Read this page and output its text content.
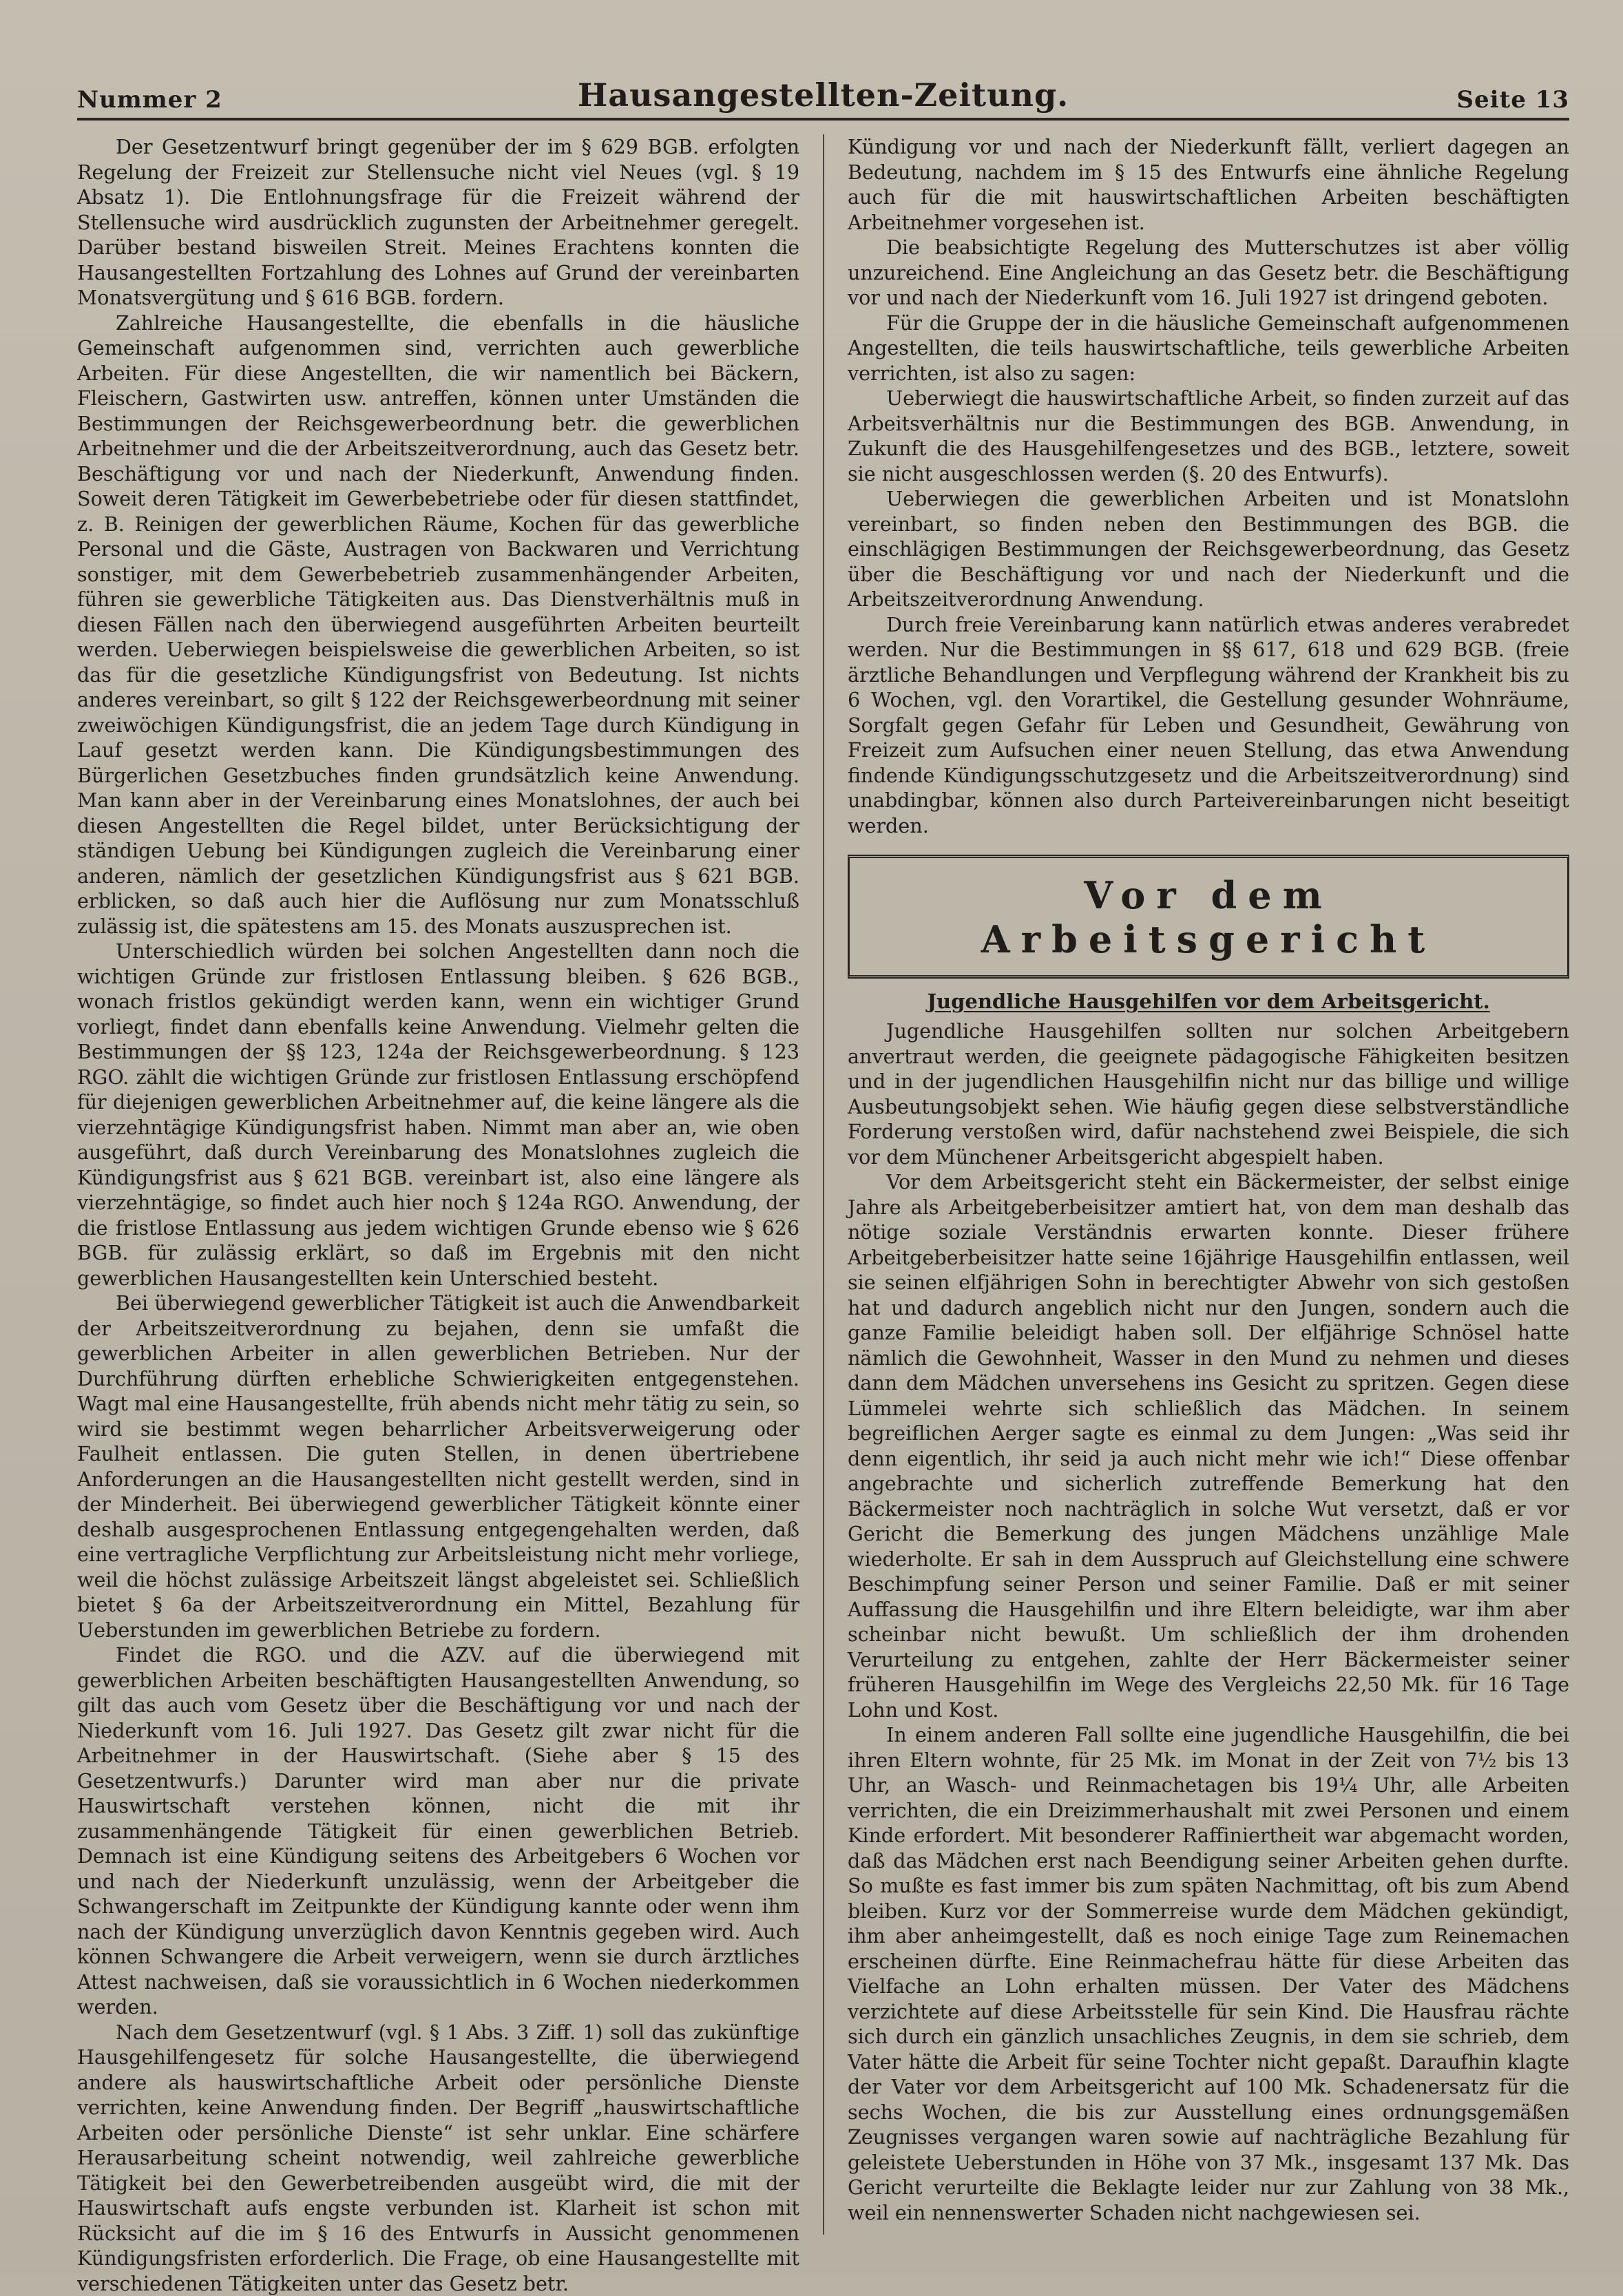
Nummer 2	Hausangestellten-Zeitung.	Seite 13

Der Gesetzentwurf bringt gegenüber der im § 629 BGB. erfolgten Regelung der Freizeit zur Stellensuche nicht viel Neues (vgl. § 19 Absatz 1). Die Entlohnungsfrage für die Freizeit während der Stellensuche wird ausdrücklich zugunsten der Arbeitnehmer geregelt. Darüber bestand bisweilen Streit. Meines Erachtens konnten die Hausangestellten Fortzahlung des Lohnes auf Grund der vereinbarten Monatsvergütung und § 616 BGB. fordern.

Zahlreiche Hausangestellte, die ebenfalls in die häusliche Gemeinschaft aufgenommen sind, verrichten auch gewerbliche Arbeiten. Für diese Angestellten, die wir namentlich bei Bäckern, Fleischern, Gastwirten usw. antreffen, können unter Umständen die Bestimmungen der Reichsgewerbeordnung betr. die gewerblichen Arbeitnehmer und die der Arbeitszeitverordnung, auch das Gesetz betr. Beschäftigung vor und nach der Niederkunft, Anwendung finden. Soweit deren Tätigkeit im Gewerbebetriebe oder für diesen stattfindet, z. B. Reinigen der gewerblichen Räume, Kochen für das gewerbliche Personal und die Gäste, Austragen von Backwaren und Verrichtung sonstiger, mit dem Gewerbebetrieb zusammenhängender Arbeiten, führen sie gewerbliche Tätigkeiten aus. Das Dienstverhältnis muß in diesen Fällen nach den überwiegend ausgeführten Arbeiten beurteilt werden. Ueberwiegen beispielsweise die gewerblichen Arbeiten, so ist das für die gesetzliche Kündigungsfrist von Bedeutung. Ist nichts anderes vereinbart, so gilt § 122 der Reichsgewerbeordnung mit seiner zweiwöchigen Kündigungsfrist, die an jedem Tage durch Kündigung in Lauf gesetzt werden kann. Die Kündigungsbestimmungen des Bürgerlichen Gesetzbuches finden grundsätzlich keine Anwendung. Man kann aber in der Vereinbarung eines Monatslohnes, der auch bei diesen Angestellten die Regel bildet, unter Berücksichtigung der ständigen Uebung bei Kündigungen zugleich die Vereinbarung einer anderen, nämlich der gesetzlichen Kündigungsfrist aus § 621 BGB. erblicken, so daß auch hier die Auflösung nur zum Monatsschluß zulässig ist, die spätestens am 15. des Monats auszusprechen ist.

Unterschiedlich würden bei solchen Angestellten dann noch die wichtigen Gründe zur fristlosen Entlassung bleiben. § 626 BGB., wonach fristlos gekündigt werden kann, wenn ein wichtiger Grund vorliegt, findet dann ebenfalls keine Anwendung. Vielmehr gelten die Bestimmungen der §§ 123, 124a der Reichsgewerbeordnung. § 123 RGO. zählt die wichtigen Gründe zur fristlosen Entlassung erschöpfend für diejenigen gewerblichen Arbeitnehmer auf, die keine längere als die vierzehntägige Kündigungsfrist haben. Nimmt man aber an, wie oben ausgeführt, daß durch Vereinbarung des Monatslohnes zugleich die Kündigungsfrist aus § 621 BGB. vereinbart ist, also eine längere als vierzehntägige, so findet auch hier noch § 124a RGO. Anwendung, der die fristlose Entlassung aus jedem wichtigen Grunde ebenso wie § 626 BGB. für zulässig erklärt, so daß im Ergebnis mit den nicht gewerblichen Hausangestellten kein Unterschied besteht.

Bei überwiegend gewerblicher Tätigkeit ist auch die Anwendbarkeit der Arbeitszeitverordnung zu bejahen, denn sie umfaßt die gewerblichen Arbeiter in allen gewerblichen Betrieben. Nur der Durchführung dürften erhebliche Schwierigkeiten entgegenstehen. Wagt mal eine Hausangestellte, früh abends nicht mehr tätig zu sein, so wird sie bestimmt wegen beharrlicher Arbeitsverweigerung oder Faulheit entlassen. Die guten Stellen, in denen übertriebene Anforderungen an die Hausangestellten nicht gestellt werden, sind in der Minderheit. Bei überwiegend gewerblicher Tätigkeit könnte einer deshalb ausgesprochenen Entlassung entgegengehalten werden, daß eine vertragliche Verpflichtung zur Arbeitsleistung nicht mehr vorliege, weil die höchst zulässige Arbeitszeit längst abgeleistet sei. Schließlich bietet § 6a der Arbeitszeitverordnung ein Mittel, Bezahlung für Ueberstunden im gewerblichen Betriebe zu fordern.

Findet die RGO. und die AZV. auf die überwiegend mit gewerblichen Arbeiten beschäftigten Hausangestellten Anwendung, so gilt das auch vom Gesetz über die Beschäftigung vor und nach der Niederkunft vom 16. Juli 1927. Das Gesetz gilt zwar nicht für die Arbeitnehmer in der Hauswirtschaft. (Siehe aber § 15 des Gesetzentwurfs.) Darunter wird man aber nur die private Hauswirtschaft verstehen können, nicht die mit ihr zusammenhängende Tätigkeit für einen gewerblichen Betrieb. Demnach ist eine Kündigung seitens des Arbeitgebers 6 Wochen vor und nach der Niederkunft unzulässig, wenn der Arbeitgeber die Schwangerschaft im Zeitpunkte der Kündigung kannte oder wenn ihm nach der Kündigung unverzüglich davon Kenntnis gegeben wird. Auch können Schwangere die Arbeit verweigern, wenn sie durch ärztliches Attest nachweisen, daß sie voraussichtlich in 6 Wochen niederkommen werden.

Nach dem Gesetzentwurf (vgl. § 1 Abs. 3 Ziff. 1) soll das zukünftige Hausgehilfengesetz für solche Hausangestellte, die überwiegend andere als hauswirtschaftliche Arbeit oder persönliche Dienste verrichten, keine Anwendung finden. Der Begriff „hauswirtschaftliche Arbeiten oder persönliche Dienste“ ist sehr unklar. Eine schärfere Herausarbeitung scheint notwendig, weil zahlreiche gewerbliche Tätigkeit bei den Gewerbetreibenden ausgeübt wird, die mit der Hauswirtschaft aufs engste verbunden ist. Klarheit ist schon mit Rücksicht auf die im § 16 des Entwurfs in Aussicht genommenen Kündigungsfristen erforderlich. Die Frage, ob eine Hausangestellte mit verschiedenen Tätigkeiten unter das Gesetz betr.

Kündigung vor und nach der Niederkunft fällt, verliert dagegen an Bedeutung, nachdem im § 15 des Entwurfs eine ähnliche Regelung auch für die mit hauswirtschaftlichen Arbeiten beschäftigten Arbeitnehmer vorgesehen ist.

Die beabsichtigte Regelung des Mutterschutzes ist aber völlig unzureichend. Eine Angleichung an das Gesetz betr. die Beschäftigung vor und nach der Niederkunft vom 16. Juli 1927 ist dringend geboten.

Für die Gruppe der in die häusliche Gemeinschaft aufgenommenen Angestellten, die teils hauswirtschaftliche, teils gewerbliche Arbeiten verrichten, ist also zu sagen:

Ueberwiegt die hauswirtschaftliche Arbeit, so finden zurzeit auf das Arbeitsverhältnis nur die Bestimmungen des BGB. Anwendung, in Zukunft die des Hausgehilfengesetzes und des BGB., letztere, soweit sie nicht ausgeschlossen werden (§. 20 des Entwurfs).

Ueberwiegen die gewerblichen Arbeiten und ist Monatslohn vereinbart, so finden neben den Bestimmungen des BGB. die einschlägigen Bestimmungen der Reichsgewerbeordnung, das Gesetz über die Beschäftigung vor und nach der Niederkunft und die Arbeitszeitverordnung Anwendung.

Durch freie Vereinbarung kann natürlich etwas anderes verabredet werden. Nur die Bestimmungen in §§ 617, 618 und 629 BGB. (freie ärztliche Behandlungen und Verpflegung während der Krankheit bis zu 6 Wochen, vgl. den Vorartikel, die Gestellung gesunder Wohnräume, Sorgfalt gegen Gefahr für Leben und Gesundheit, Gewährung von Freizeit zum Aufsuchen einer neuen Stellung, das etwa Anwendung findende Kündigungsschutzgesetz und die Arbeitszeitverordnung) sind unabdingbar, können also durch Parteivereinbarungen nicht beseitigt werden.

Vor dem Arbeitsgericht
Jugendliche Hausgehilfen vor dem Arbeitsgericht.

Jugendliche Hausgehilfen sollten nur solchen Arbeitgebern anvertraut werden, die geeignete pädagogische Fähigkeiten besitzen und in der jugendlichen Hausgehilfin nicht nur das billige und willige Ausbeutungsobjekt sehen. Wie häufig gegen diese selbstverständliche Forderung verstoßen wird, dafür nachstehend zwei Beispiele, die sich vor dem Münchener Arbeitsgericht abgespielt haben.

Vor dem Arbeitsgericht steht ein Bäckermeister, der selbst einige Jahre als Arbeitgeberbeisitzer amtiert hat, von dem man deshalb das nötige soziale Verständnis erwarten konnte. Dieser frühere Arbeitgeberbeisitzer hatte seine 16jährige Hausgehilfin entlassen, weil sie seinen elfjährigen Sohn in berechtigter Abwehr von sich gestoßen hat und dadurch angeblich nicht nur den Jungen, sondern auch die ganze Familie beleidigt haben soll. Der elfjährige Schnösel hatte nämlich die Gewohnheit, Wasser in den Mund zu nehmen und dieses dann dem Mädchen unversehens ins Gesicht zu spritzen. Gegen diese Lümmelei wehrte sich schließlich das Mädchen. In seinem begreiflichen Aerger sagte es einmal zu dem Jungen: „Was seid ihr denn eigentlich, ihr seid ja auch nicht mehr wie ich!“ Diese offenbar angebrachte und sicherlich zutreffende Bemerkung hat den Bäckermeister noch nachträglich in solche Wut versetzt, daß er vor Gericht die Bemerkung des jungen Mädchens unzählige Male wiederholte. Er sah in dem Ausspruch auf Gleichstellung eine schwere Beschimpfung seiner Person und seiner Familie. Daß er mit seiner Auffassung die Hausgehilfin und ihre Eltern beleidigte, war ihm aber scheinbar nicht bewußt. Um schließlich der ihm drohenden Verurteilung zu entgehen, zahlte der Herr Bäckermeister seiner früheren Hausgehilfin im Wege des Vergleichs 22,50 Mk. für 16 Tage Lohn und Kost.

In einem anderen Fall sollte eine jugendliche Hausgehilfin, die bei ihren Eltern wohnte, für 25 Mk. im Monat in der Zeit von 7½ bis 13 Uhr, an Wasch- und Reinmachetagen bis 19¼ Uhr, alle Arbeiten verrichten, die ein Dreizimmerhaushalt mit zwei Personen und einem Kinde erfordert. Mit besonderer Raffiniertheit war abgemacht worden, daß das Mädchen erst nach Beendigung seiner Arbeiten gehen durfte. So mußte es fast immer bis zum späten Nachmittag, oft bis zum Abend bleiben. Kurz vor der Sommerreise wurde dem Mädchen gekündigt, ihm aber anheimgestellt, daß es noch einige Tage zum Reinemachen erscheinen dürfte. Eine Reinmachefrau hätte für diese Arbeiten das Vielfache an Lohn erhalten müssen. Der Vater des Mädchens verzichtete auf diese Arbeitsstelle für sein Kind. Die Hausfrau rächte sich durch ein gänzlich unsachliches Zeugnis, in dem sie schrieb, dem Vater hätte die Arbeit für seine Tochter nicht gepaßt. Daraufhin klagte der Vater vor dem Arbeitsgericht auf 100 Mk. Schadenersatz für die sechs Wochen, die bis zur Ausstellung eines ordnungsgemäßen Zeugnisses vergangen waren sowie auf nachträgliche Bezahlung für geleistete Ueberstunden in Höhe von 37 Mk., insgesamt 137 Mk. Das Gericht verurteilte die Beklagte leider nur zur Zahlung von 38 Mk., weil ein nennenswerter Schaden nicht nachgewiesen sei.
